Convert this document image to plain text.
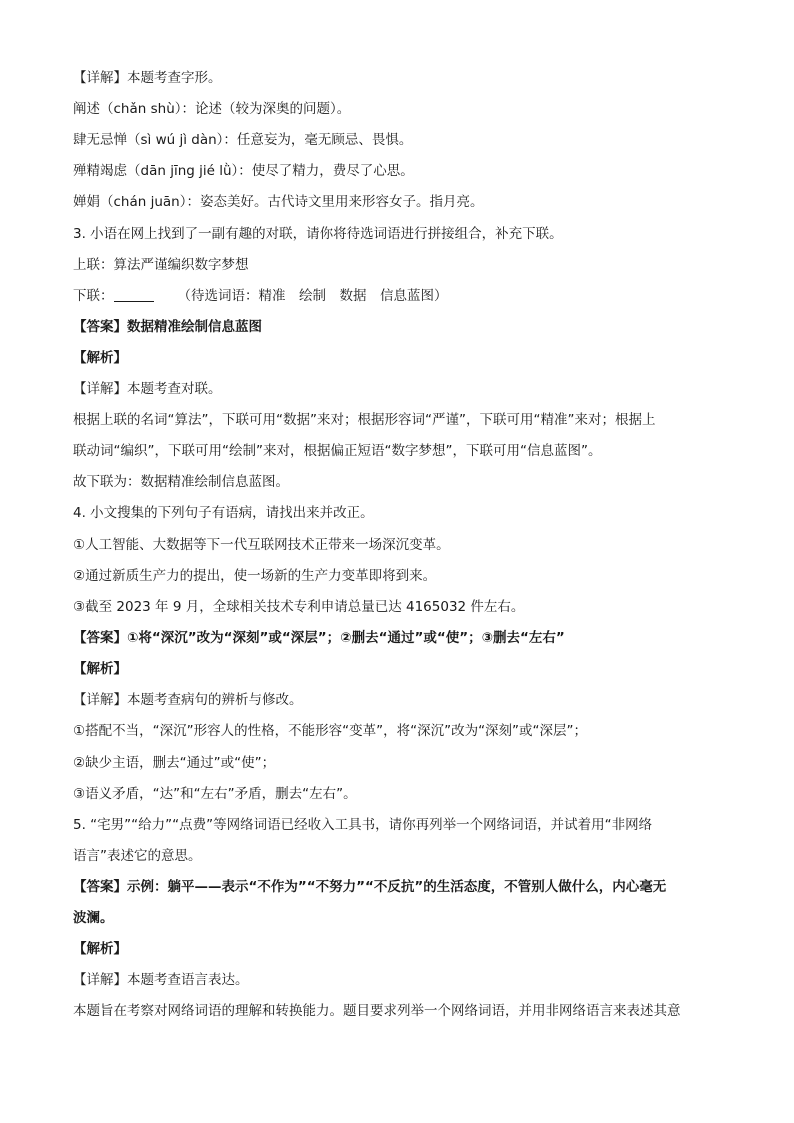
【详解】本题考查字形。
阐述（chǎn shù）：论述（较为深奥的问题）。
肆无忌惮（sì wú jì dàn）：任意妄为，毫无顾忌、畏惧。
殚精竭虑（dān jīng jié lǜ）：使尽了精力，费尽了心思。
婵娟（chán juān）：姿态美好。古代诗文里用来形容女子。指月亮。
3. 小语在网上找到了一副有趣的对联，请你将待选词语进行拼接组合，补充下联。
上联：算法严谨编织数字梦想
下联：	（待选词语：精准　绘制　数据　信息蓝图）
【答案】数据精准绘制信息蓝图
【解析】
【详解】本题考查对联。
根据上联的名词“算法”，下联可用“数据”来对；根据形容词“严谨”，下联可用“精准”来对；根据上
联动词“编织”，下联可用“绘制”来对，根据偏正短语“数字梦想”，下联可用“信息蓝图”。
故下联为：数据精准绘制信息蓝图。
4. 小文搜集的下列句子有语病，请找出来并改正。
①人工智能、大数据等下一代互联网技术正带来一场深沉变革。
②通过新质生产力的提出，使一场新的生产力变革即将到来。
③截至 2023 年 9 月，全球相关技术专利申请总量已达 4165032 件左右。
【答案】①将“深沉”改为“深刻”或“深层”；②删去“通过”或“使”；③删去“左右”
【解析】
【详解】本题考查病句的辨析与修改。
①搭配不当，“深沉”形容人的性格，不能形容“变革”，将“深沉”改为“深刻”或“深层”；
②缺少主语，删去“通过”或“使”；
③语义矛盾，“达”和“左右”矛盾，删去“左右”。
5. “宅男”“给力”“点费”等网络词语已经收入工具书，请你再列举一个网络词语，并试着用“非网络
语言”表述它的意思。
【答案】示例：躺平——表示“不作为”“不努力”“不反抗”的生活态度，不管别人做什么，内心毫无
波澜。
【解析】
【详解】本题考查语言表达。
本题旨在考察对网络词语的理解和转换能力。题目要求列举一个网络词语，并用非网络语言来表述其意
